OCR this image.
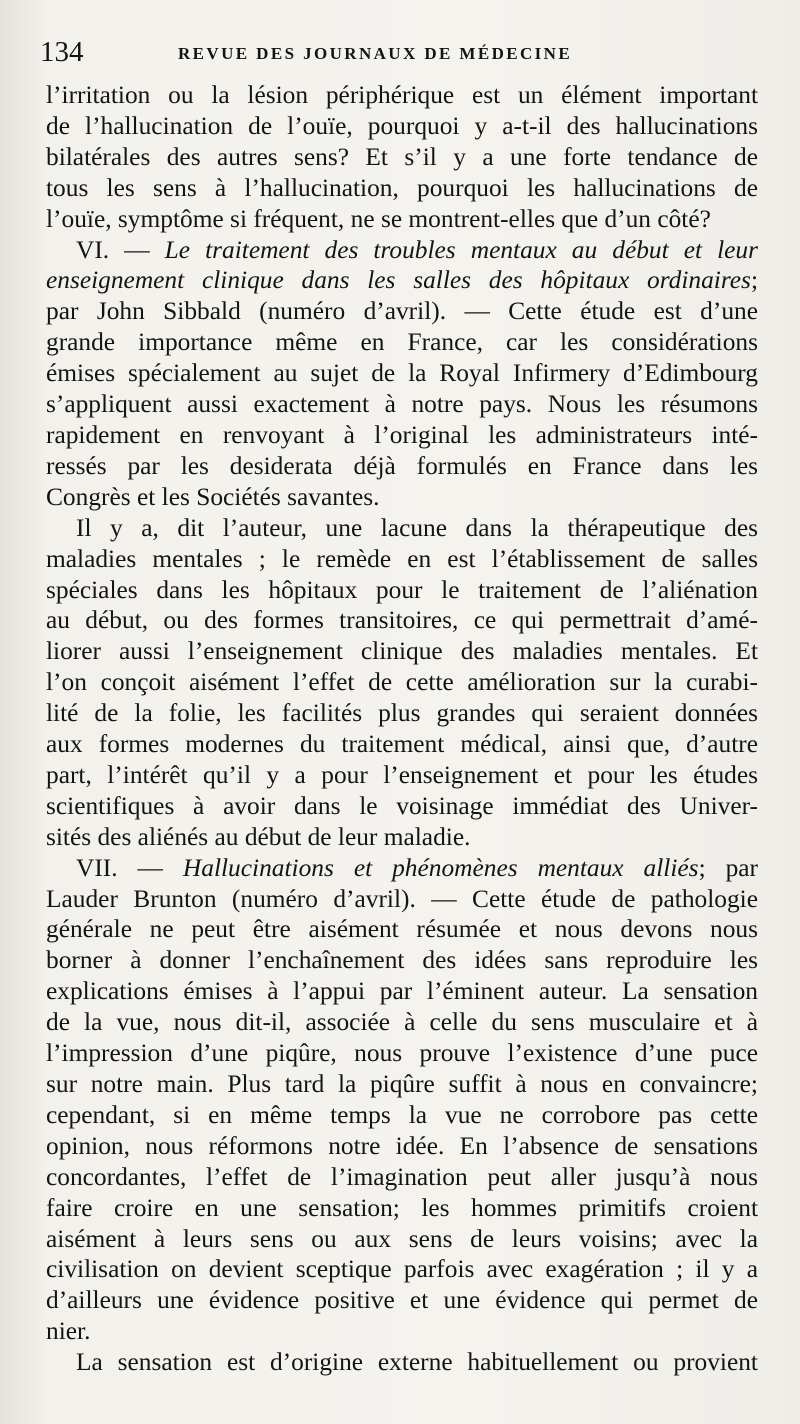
134	REVUE DES JOURNAUX DE MÉDECINE
l’irritation ou la lésion périphérique est un élément important
de l’hallucination de l’ouïe, pourquoi y a-t-il des hallucinations
bilatérales des autres sens? Et s’il y a une forte tendance de
tous les sens à l’hallucination, pourquoi les hallucinations de
l’ouïe, symptôme si fréquent, ne se montrent-elles que d’un côté?
VI. — Le traitement des troubles mentaux au début et leur
enseignement clinique dans les salles des hôpitaux ordinaires;
par John Sibbald (numéro d’avril). — Cette étude est d’une
grande importance même en France, car les considérations
émises spécialement au sujet de la Royal Infirmery d’Edimbourg
s’appliquent aussi exactement à notre pays. Nous les résumons
rapidement en renvoyant à l’original les administrateurs inté-
ressés par les desiderata déjà formulés en France dans les
Congrès et les Sociétés savantes.
Il y a, dit l’auteur, une lacune dans la thérapeutique des
maladies mentales ; le remède en est l’établissement de salles
spéciales dans les hôpitaux pour le traitement de l’aliénation
au début, ou des formes transitoires, ce qui permettrait d’amé-
liorer aussi l’enseignement clinique des maladies mentales. Et
l’on conçoit aisément l’effet de cette amélioration sur la curabi-
lité de la folie, les facilités plus grandes qui seraient données
aux formes modernes du traitement médical, ainsi que, d’autre
part, l’intérêt qu’il y a pour l’enseignement et pour les études
scientifiques à avoir dans le voisinage immédiat des Univer-
sités des aliénés au début de leur maladie.
VII. — Hallucinations et phénomènes mentaux alliés; par
Lauder Brunton (numéro d’avril). — Cette étude de pathologie
générale ne peut être aisément résumée et nous devons nous
borner à donner l’enchaînement des idées sans reproduire les
explications émises à l’appui par l’éminent auteur. La sensation
de la vue, nous dit-il, associée à celle du sens musculaire et à
l’impression d’une piqûre, nous prouve l’existence d’une puce
sur notre main. Plus tard la piqûre suffit à nous en convaincre;
cependant, si en même temps la vue ne corrobore pas cette
opinion, nous réformons notre idée. En l’absence de sensations
concordantes, l’effet de l’imagination peut aller jusqu’à nous
faire croire en une sensation; les hommes primitifs croient
aisément à leurs sens ou aux sens de leurs voisins; avec la
civilisation on devient sceptique parfois avec exagération ; il y a
d’ailleurs une évidence positive et une évidence qui permet de
nier.
La sensation est d’origine externe habituellement ou provient
